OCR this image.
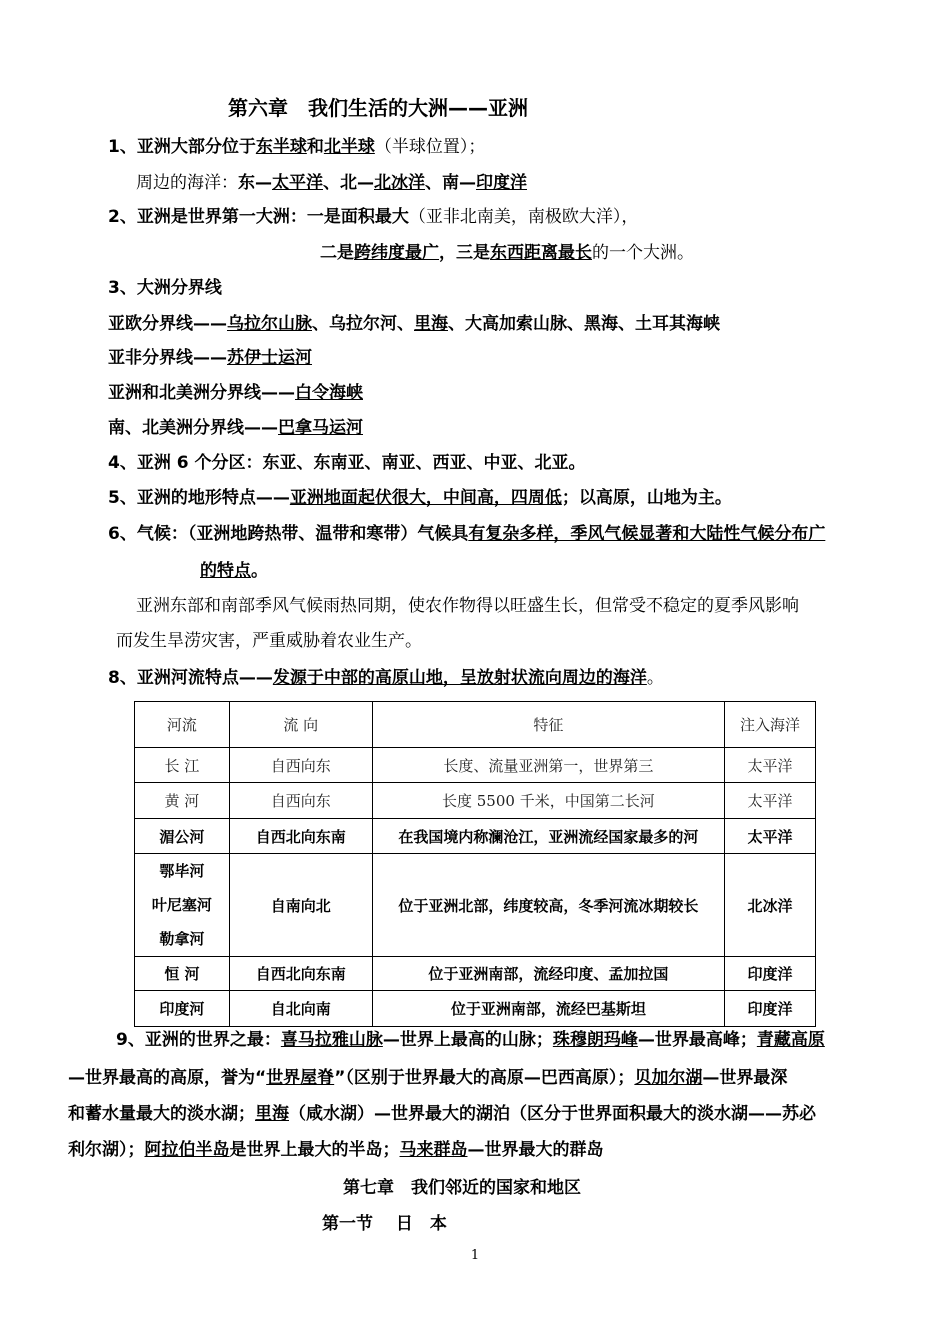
第六章　我们生活的大洲——亚洲
1、亚洲大部分位于东半球和北半球（半球位置）；
周边的海洋：东—太平洋、北—北冰洋、南—印度洋
2、亚洲是世界第一大洲：一是面积最大（亚非北南美，南极欧大洋），
二是跨纬度最广，三是东西距离最长的一个大洲。
3、大洲分界线
亚欧分界线——乌拉尔山脉、乌拉尔河、里海、大高加索山脉、黑海、土耳其海峡
亚非分界线——苏伊士运河
亚洲和北美洲分界线——白令海峡
南、北美洲分界线——巴拿马运河
4、亚洲 6 个分区：东亚、东南亚、南亚、西亚、中亚、北亚。
5、亚洲的地形特点——亚洲地面起伏很大，中间高，四周低；以高原，山地为主。
6、气候：（亚洲地跨热带、温带和寒带）气候具有复杂多样，季风气候显著和大陆性气候分布广
的特点。
亚洲东部和南部季风气候雨热同期，使农作物得以旺盛生长，但常受不稳定的夏季风影响
而发生旱涝灾害，严重威胁着农业生产。
8、亚洲河流特点——发源于中部的高原山地，呈放射状流向周边的海洋。
河流	流 向	特征	注入海洋
长 江	自西向东	长度、流量亚洲第一，世界第三	太平洋
黄 河	自西向东	长度 5500 千米，中国第二长河	太平洋
湄公河	自西北向东南	在我国境内称澜沧江，亚洲流经国家最多的河	太平洋

鄂毕河
叶尼塞河
勒拿河	自南向北	位于亚洲北部，纬度较高，冬季河流冰期较长	北冰洋
恒 河	自西北向东南	位于亚洲南部，流经印度、孟加拉国	印度洋
印度河	自北向南	位于亚洲南部，流经巴基斯坦	印度洋
9、亚洲的世界之最：喜马拉雅山脉—世界上最高的山脉；珠穆朗玛峰—世界最高峰；青藏高原
—世界最高的高原，誉为“世界屋脊”（区别于世界最大的高原—巴西高原）；贝加尔湖—世界最深
和蓄水量最大的淡水湖；里海（咸水湖）—世界最大的湖泊（区分于世界面积最大的淡水湖——苏必
利尔湖）；阿拉伯半岛是世界上最大的半岛；马来群岛—世界最大的群岛
第七章　我们邻近的国家和地区
第一节　 日　本
1
